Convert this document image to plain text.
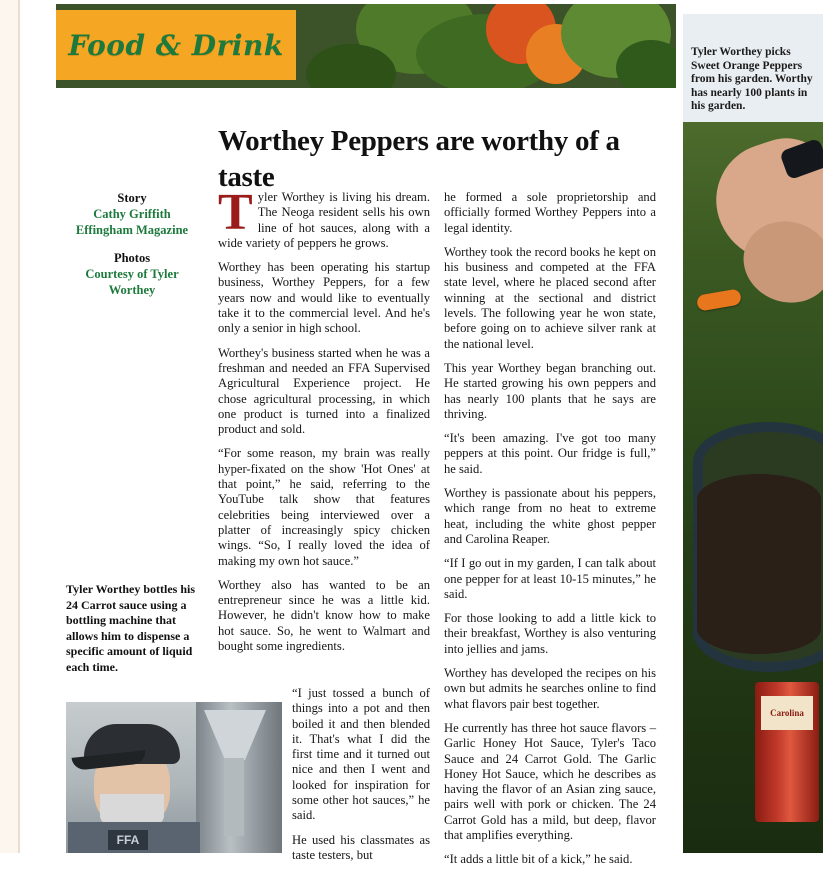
Food & Drink	Tyler Worthey picks Sweet Orange Peppers from his garden. Worthy has nearly 100 plants in his garden.
Carolina
Worthey Peppers are worthy of a taste
Story
Cathy Griffith
Effingham Magazine
Photos
Courtesy of Tyler
Worthey
Tyler Worthey bottles his 24 Carrot sauce using a bottling machine that allows him to dispense a specific amount of liquid each time.
FFA

Tyler Worthey is living his dream. The Neoga resident sells his own line of hot sauces, along with a wide variety of peppers he grows.

Worthey has been operating his startup business, Worthey Peppers, for a few years now and would like to eventually take it to the commercial level. And he's only a senior in high school.

Worthey's business started when he was a freshman and needed an FFA Supervised Agricultural Experience project. He chose agricultural processing, in which one product is turned into a finalized product and sold.

“For some reason, my brain was really hyper-fixated on the show 'Hot Ones' at that point,” he said, referring to the YouTube talk show that features celebrities being interviewed over a platter of increasingly spicy chicken wings. “So, I really loved the idea of making my own hot sauce.”

Worthey also has wanted to be an entrepreneur since he was a little kid. However, he didn't know how to make hot sauce. So, he went to Walmart and bought some ingredients.

he formed a sole proprietorship and officially formed Worthey Peppers into a legal identity.

Worthey took the record books he kept on his business and competed at the FFA state level, where he placed second after winning at the sectional and district levels. The following year he won state, before going on to achieve silver rank at the national level.

This year Worthey began branching out. He started growing his own peppers and has nearly 100 plants that he says are thriving.

“It's been amazing. I've got too many peppers at this point. Our fridge is full,” he said.

Worthey is passionate about his peppers, which range from no heat to extreme heat, including the white ghost pepper and Carolina Reaper.

“If I go out in my garden, I can talk about one pepper for at least 10-15 minutes,” he said.

For those looking to add a little kick to their breakfast, Worthey is also venturing into jellies and jams.

Worthey has developed the recipes on his own but admits he searches online to find what flavors pair best together.

He currently has three hot sauce flavors – Garlic Honey Hot Sauce, Tyler's Taco Sauce and 24 Carrot Gold. The Garlic Honey Hot Sauce, which he describes as having the flavor of an Asian zing sauce, pairs well with pork or chicken. The 24 Carrot Gold has a mild, but deep, flavor that amplifies everything.

“It adds a little bit of a kick,” he said.

“I just tossed a bunch of things into a pot and then boiled it and then blended it. That's what I did the first time and it turned out nice and then I went and looked for inspiration for some other hot sauces,” he said.

He used his classmates as taste testers, but
